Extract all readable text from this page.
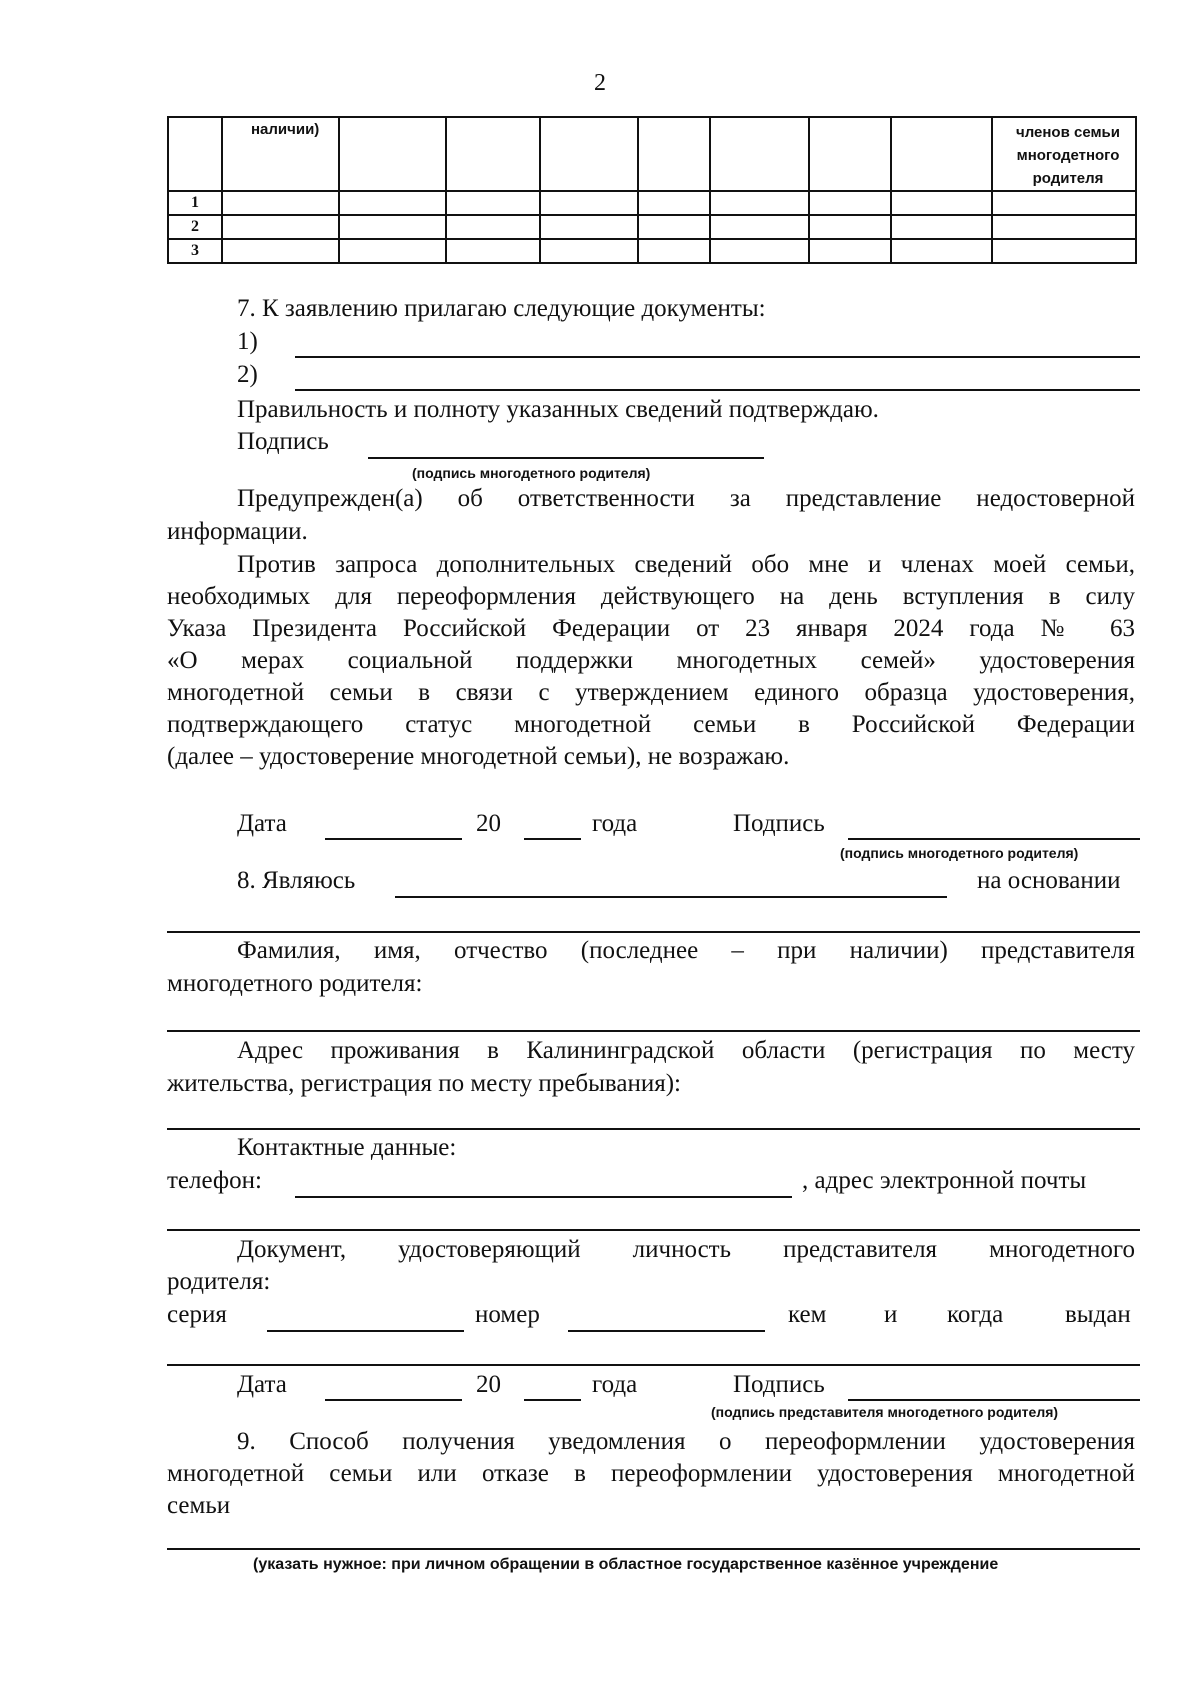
2
	наличии)								членов семьи
многодетного
родителя

1									
2									
3									
7. К заявлению прилагаю следующие документы:
1)
2)
Правильность и полноту указанных сведений подтверждаю.
Подпись
(подпись многодетного родителя)
Предупрежден(а) об ответственности за представление недостоверной
информации.
Против запроса дополнительных сведений обо мне и членах моей семьи,
необходимых для переоформления действующего на день вступления в силу
Указа Президента Российской Федерации от 23 января 2024 года № 63
«О мерах социальной поддержки многодетных семей» удостоверения
многодетной семьи в связи с утверждением единого образца удостоверения,
подтверждающего статус многодетной семьи в Российской Федерации
(далее – удостоверение многодетной семьи), не возражаю.
Дата	20	года	Подпись
(подпись многодетного родителя)
8. Являюсь	на основании
Фамилия, имя, отчество (последнее – при наличии) представителя
многодетного родителя:
Адрес проживания в Калининградской области (регистрация по месту
жительства, регистрация по месту пребывания):
Контактные данные:
телефон:	, адрес электронной почты
Документ, удостоверяющий личность представителя многодетного
родителя:
серия	номер	кем и когда выдан
Дата	20	года	Подпись
(подпись представителя многодетного родителя)
9. Способ получения уведомления о переоформлении удостоверения
многодетной семьи или отказе в переоформлении удостоверения многодетной
семьи
(указать нужное: при личном обращении в областное государственное казённое учреждение
